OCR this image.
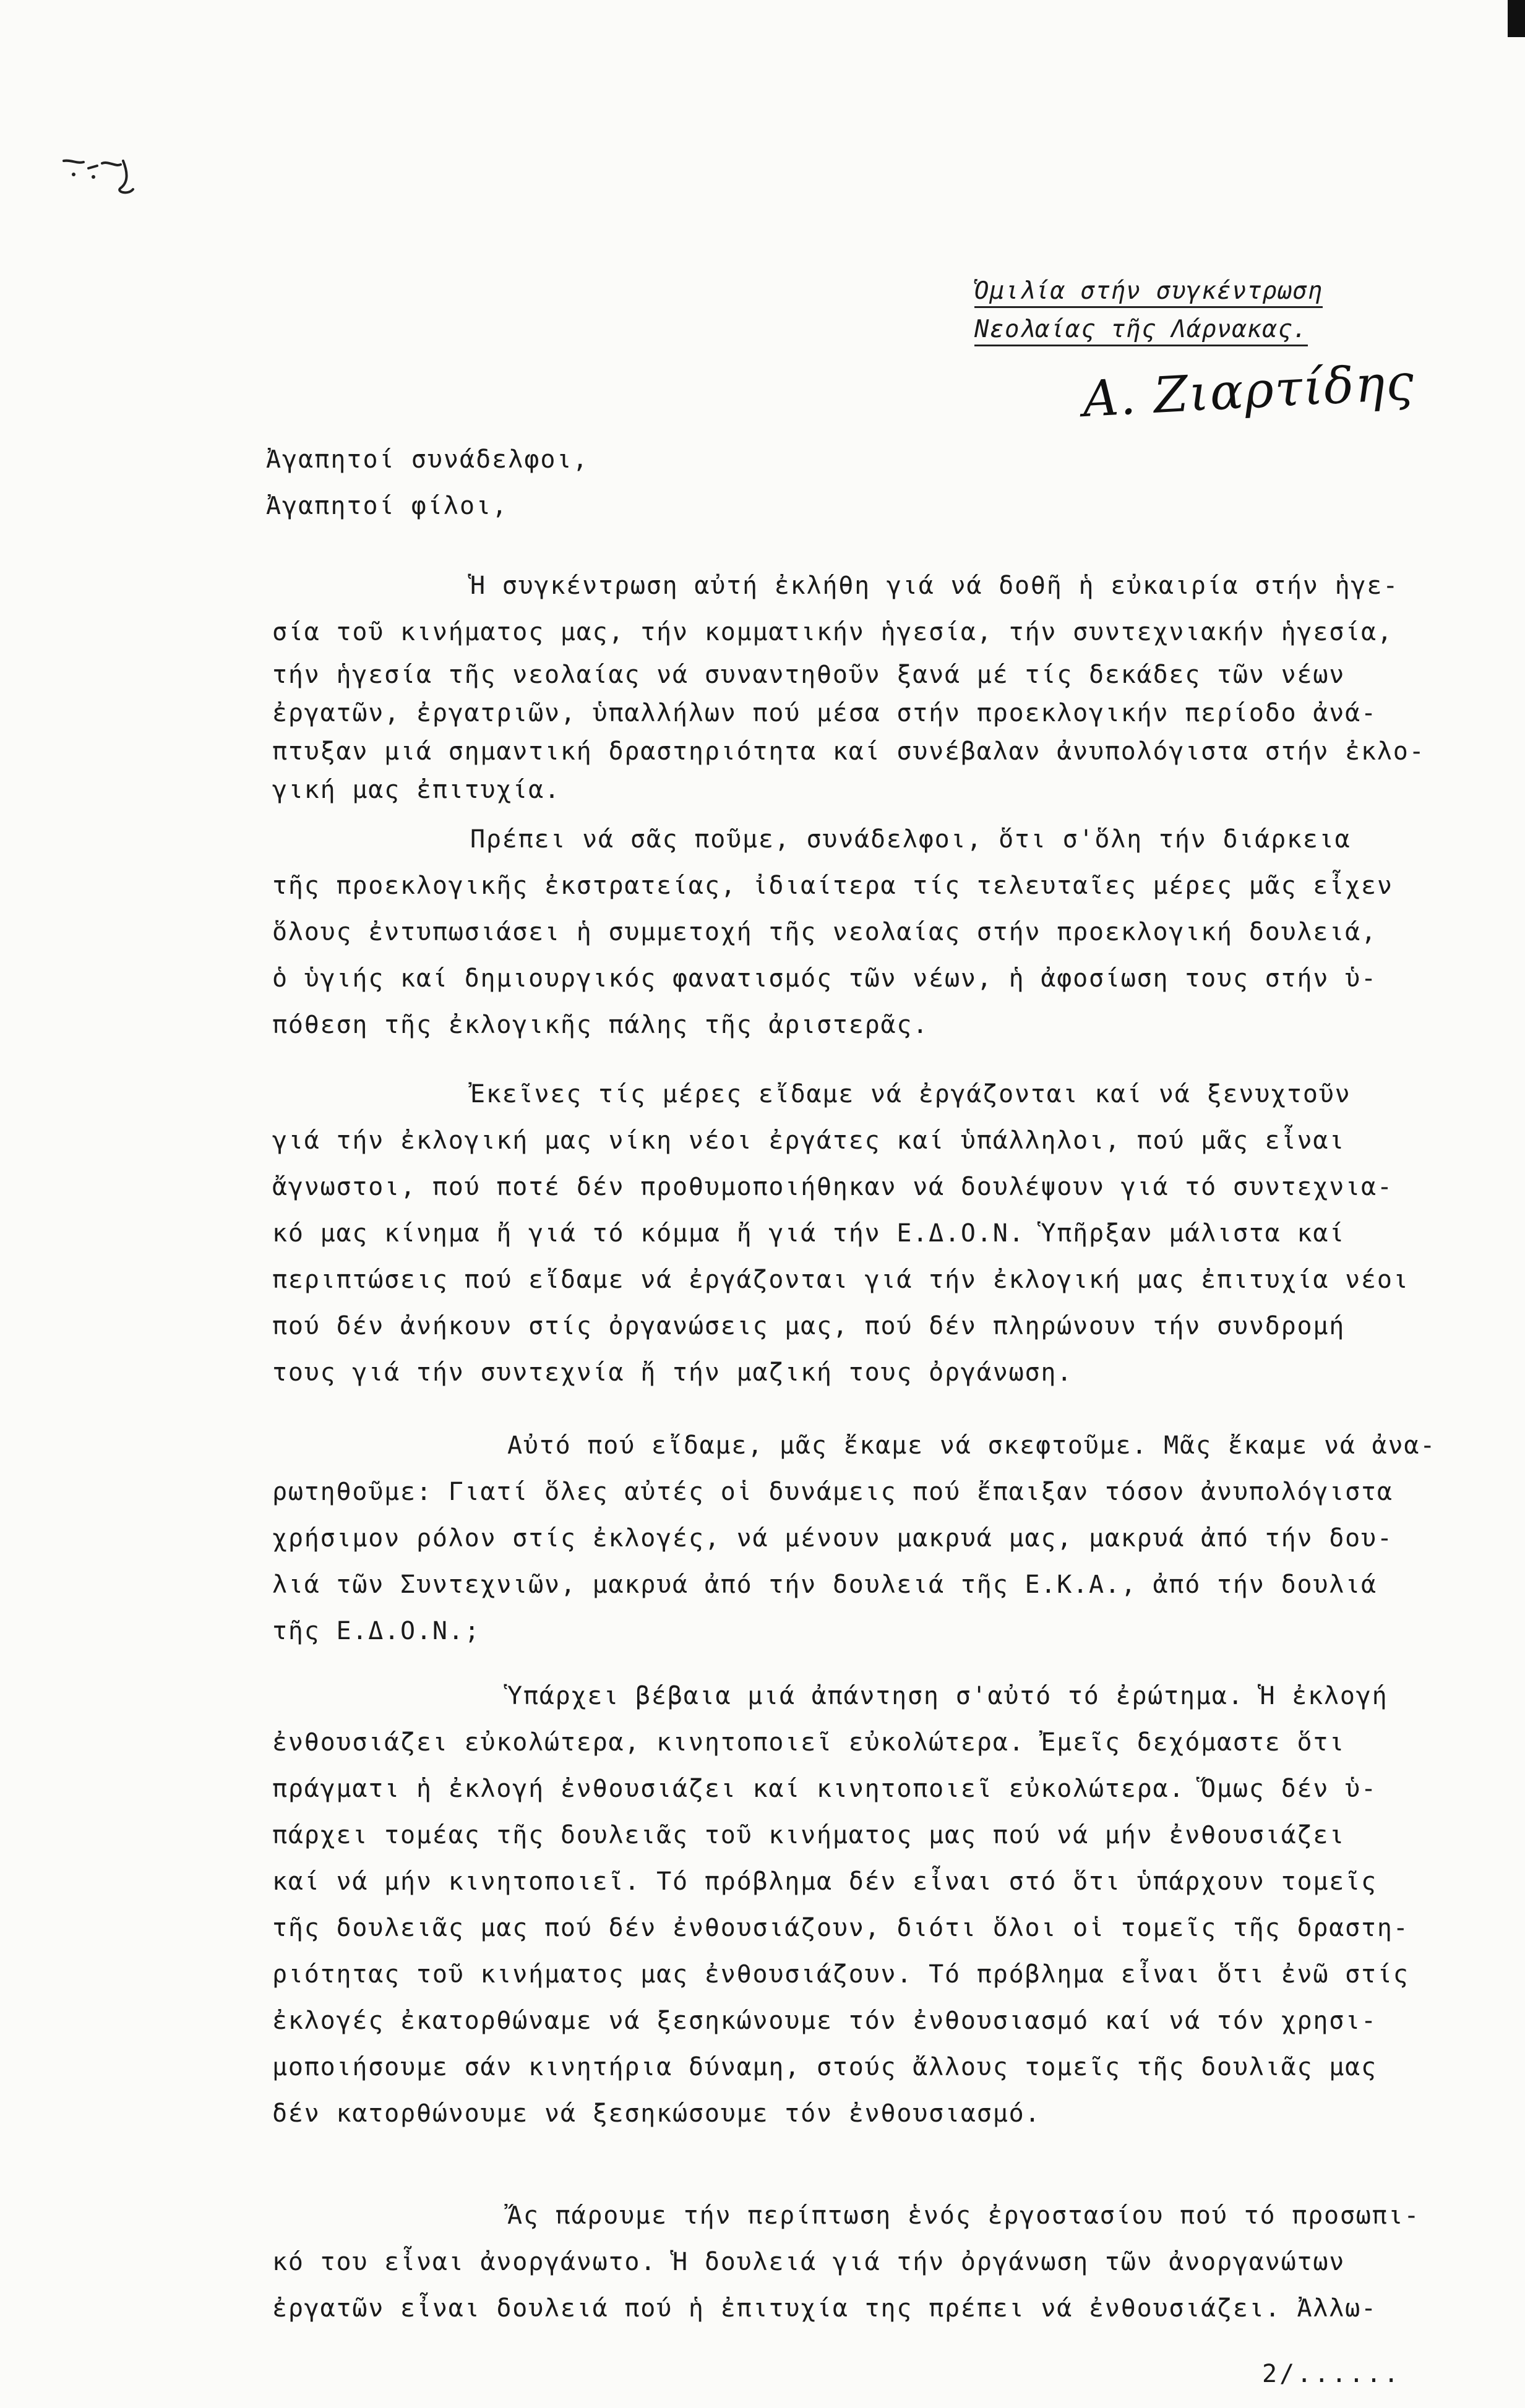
Ὁμιλία στήν συγκέντρωση
Νεολαίας τῆς Λάρνακας.
Α. Ζιαρτίδης
Ἀγαπητοί συνάδελφοι,
Ἀγαπητοί φίλοι,
Ἡ συγκέντρωση αὐτή ἐκλήθη γιά νά δοθῆ ἡ εὐκαιρία στήν ἡγε-
σία τοῦ κινήματος μας, τήν κομματικήν ἡγεσία, τήν συντεχνιακήν ἡγεσία,
τήν ἡγεσία τῆς νεολαίας νά συναντηθοῦν ξανά μέ τίς δεκάδες τῶν νέων
ἐργατῶν, ἐργατριῶν, ὑπαλλήλων πού μέσα στήν προεκλογικήν περίοδο ἀνά-
πτυξαν μιά σημαντική δραστηριότητα καί συνέβαλαν ἀνυπολόγιστα στήν ἐκλο-
γική μας ἐπιτυχία.
Πρέπει νά σᾶς ποῦμε, συνάδελφοι, ὅτι σ'ὅλη τήν διάρκεια
τῆς προεκλογικῆς ἐκστρατείας, ἰδιαίτερα τίς τελευταῖες μέρες μᾶς εἶχεν
ὅλους ἐντυπωσιάσει ἡ συμμετοχή τῆς νεολαίας στήν προεκλογική δουλειά,
ὁ ὑγιής καί δημιουργικός φανατισμός τῶν νέων, ἡ ἀφοσίωση τους στήν ὑ-
πόθεση τῆς ἐκλογικῆς πάλης τῆς ἀριστερᾶς.
Ἐκεῖνες τίς μέρες εἴδαμε νά ἐργάζονται καί νά ξενυχτοῦν
γιά τήν ἐκλογική μας νίκη νέοι ἐργάτες καί ὑπάλληλοι, πού μᾶς εἶναι
ἄγνωστοι, πού ποτέ δέν προθυμοποιήθηκαν νά δουλέψουν γιά τό συντεχνια-
κό μας κίνημα ἤ γιά τό κόμμα ἤ γιά τήν Ε.Δ.Ο.Ν. Ὑπῆρξαν μάλιστα καί
περιπτώσεις πού εἴδαμε νά ἐργάζονται γιά τήν ἐκλογική μας ἐπιτυχία νέοι
πού δέν ἀνήκουν στίς ὀργανώσεις μας, πού δέν πληρώνουν τήν συνδρομή
τους γιά τήν συντεχνία ἤ τήν μαζική τους ὀργάνωση.
Αὐτό πού εἴδαμε, μᾶς ἔκαμε νά σκεφτοῦμε. Μᾶς ἔκαμε νά ἀνα-
ρωτηθοῦμε: Γιατί ὅλες αὐτές οἱ δυνάμεις πού ἔπαιξαν τόσον ἀνυπολόγιστα
χρήσιμον ρόλον στίς ἐκλογές, νά μένουν μακρυά μας, μακρυά ἀπό τήν δου-
λιά τῶν Συντεχνιῶν, μακρυά ἀπό τήν δουλειά τῆς Ε.Κ.Α., ἀπό τήν δουλιά
τῆς Ε.Δ.Ο.Ν.;
Ὑπάρχει βέβαια μιά ἀπάντηση σ'αὐτό τό ἐρώτημα. Ἡ ἐκλογή
ἐνθουσιάζει εὐκολώτερα, κινητοποιεῖ εὐκολώτερα. Ἐμεῖς δεχόμαστε ὅτι
πράγματι ἡ ἐκλογή ἐνθουσιάζει καί κινητοποιεῖ εὐκολώτερα. Ὅμως δέν ὑ-
πάρχει τομέας τῆς δουλειᾶς τοῦ κινήματος μας πού νά μήν ἐνθουσιάζει
καί νά μήν κινητοποιεῖ. Τό πρόβλημα δέν εἶναι στό ὅτι ὑπάρχουν τομεῖς
τῆς δουλειᾶς μας πού δέν ἐνθουσιάζουν, διότι ὅλοι οἱ τομεῖς τῆς δραστη-
ριότητας τοῦ κινήματος μας ἐνθουσιάζουν. Τό πρόβλημα εἶναι ὅτι ἐνῶ στίς
ἐκλογές ἐκατορθώναμε νά ξεσηκώνουμε τόν ἐνθουσιασμό καί νά τόν χρησι-
μοποιήσουμε σάν κινητήρια δύναμη, στούς ἄλλους τομεῖς τῆς δουλιᾶς μας
δέν κατορθώνουμε νά ξεσηκώσουμε τόν ἐνθουσιασμό.
Ἄς πάρουμε τήν περίπτωση ἑνός ἐργοστασίου πού τό προσωπι-
κό του εἶναι ἀνοργάνωτο. Ἡ δουλειά γιά τήν ὀργάνωση τῶν ἀνοργανώτων
ἐργατῶν εἶναι δουλειά πού ἡ ἐπιτυχία της πρέπει νά ἐνθουσιάζει. Ἀλλω-
2/......
